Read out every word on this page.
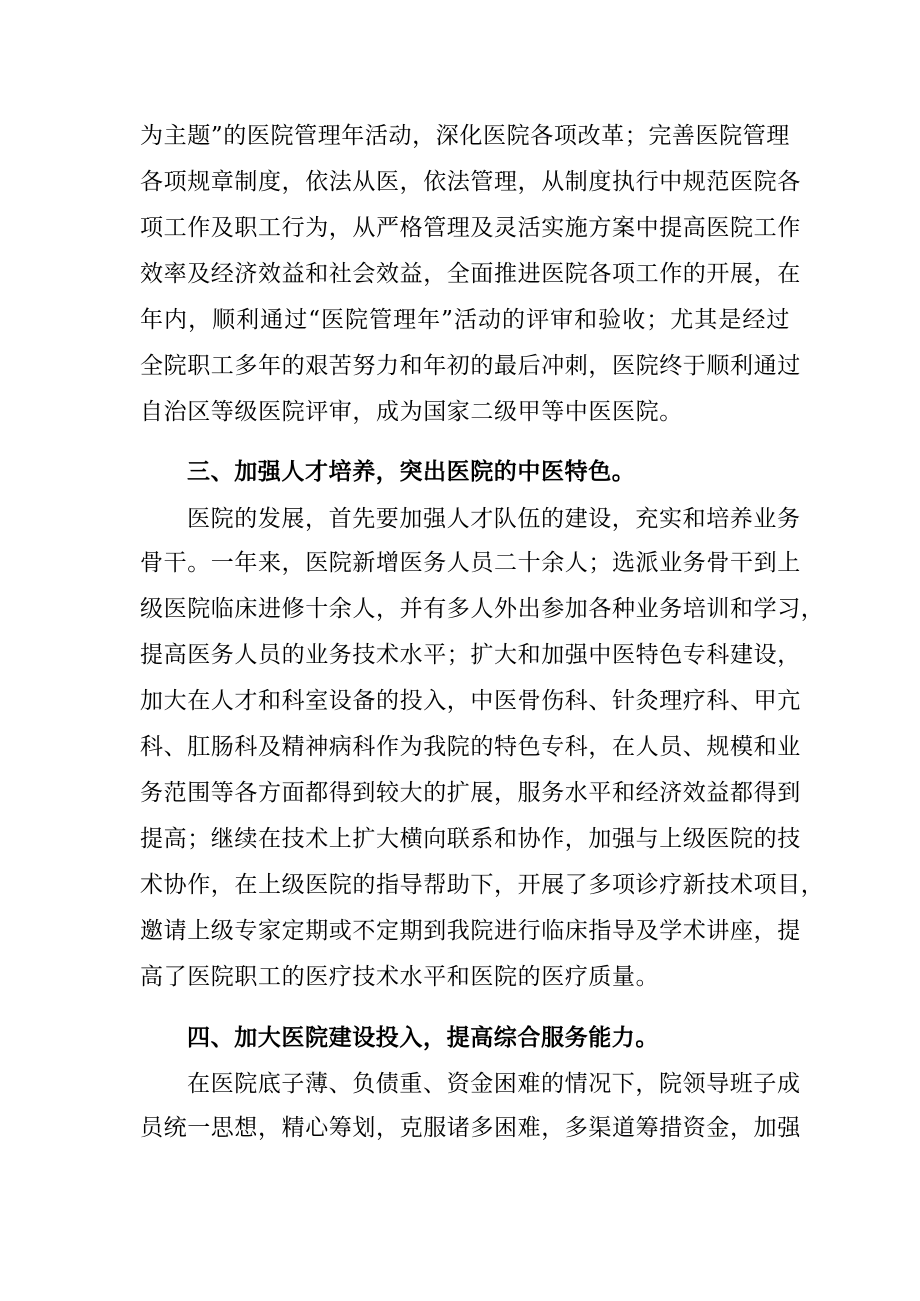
为主题”的医院管理年活动，深化医院各项改革；完善医院管理
各项规章制度，依法从医，依法管理，从制度执行中规范医院各
项工作及职工行为，从严格管理及灵活实施方案中提高医院工作
效率及经济效益和社会效益，全面推进医院各项工作的开展，在
年内，顺利通过“医院管理年”活动的评审和验收；尤其是经过
全院职工多年的艰苦努力和年初的最后冲刺，医院终于顺利通过
自治区等级医院评审，成为国家二级甲等中医医院。
三、加强人才培养，突出医院的中医特色。
医院的发展，首先要加强人才队伍的建设，充实和培养业务
骨干。一年来，医院新增医务人员二十余人；选派业务骨干到上
级医院临床进修十余人，并有多人外出参加各种业务培训和学习，
提高医务人员的业务技术水平；扩大和加强中医特色专科建设，
加大在人才和科室设备的投入，中医骨伤科、针灸理疗科、甲亢
科、肛肠科及精神病科作为我院的特色专科，在人员、规模和业
务范围等各方面都得到较大的扩展，服务水平和经济效益都得到
提高；继续在技术上扩大横向联系和协作，加强与上级医院的技
术协作，在上级医院的指导帮助下，开展了多项诊疗新技术项目，
邀请上级专家定期或不定期到我院进行临床指导及学术讲座，提
高了医院职工的医疗技术水平和医院的医疗质量。
四、加大医院建设投入，提高综合服务能力。
在医院底子薄、负债重、资金困难的情况下，院领导班子成
员统一思想，精心筹划，克服诸多困难，多渠道筹措资金，加强
